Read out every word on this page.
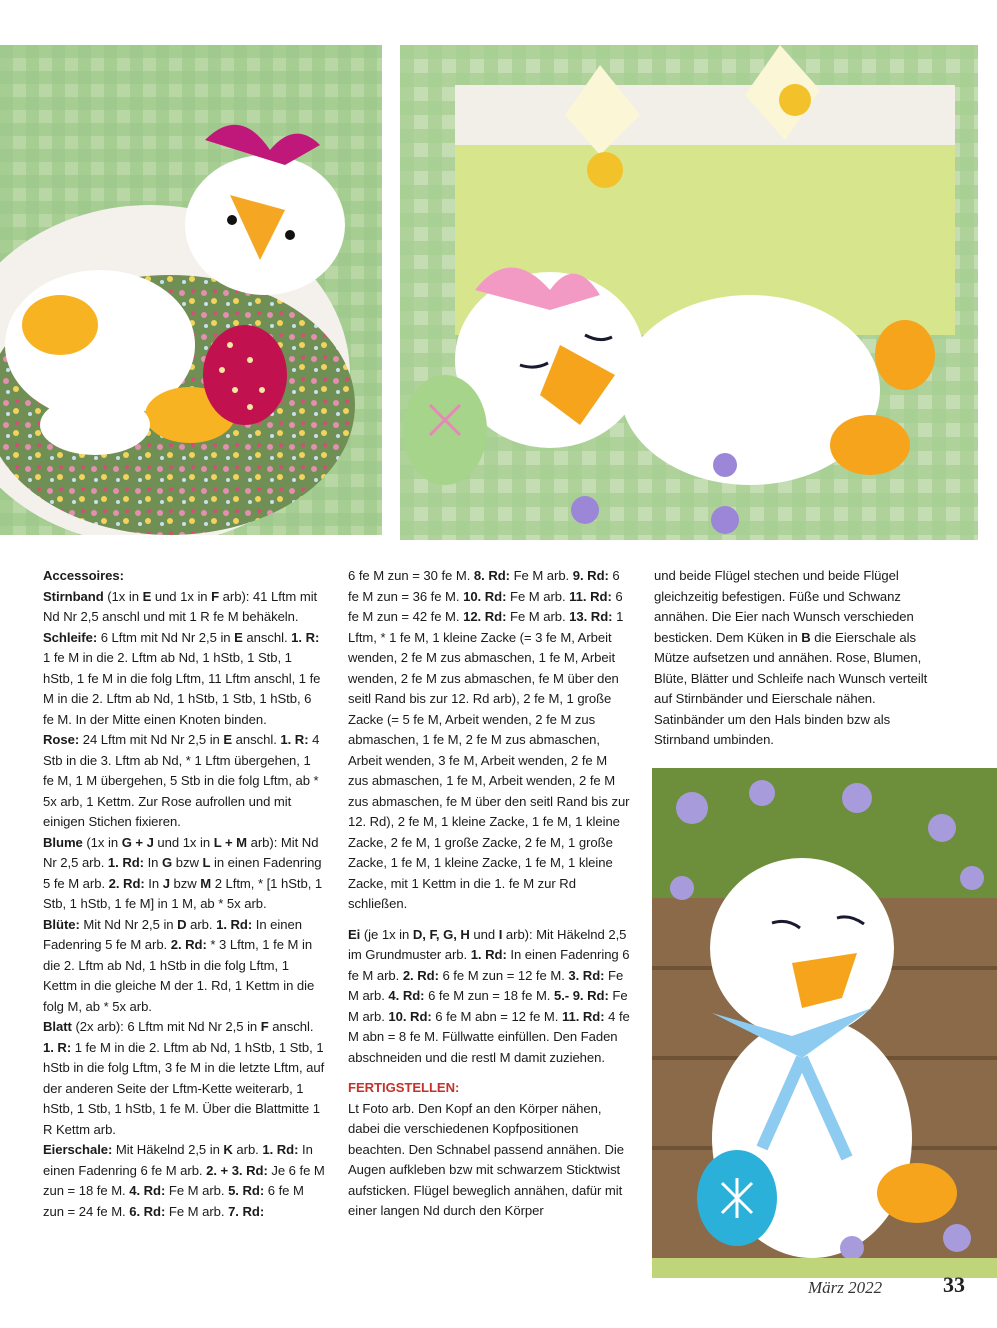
Accessoires:

Stirnband (1x in E und 1x in F arb): 41 Lftm mit Nd Nr 2,5 anschl und mit 1 R fe M behäkeln.

Schleife: 6 Lftm mit Nd Nr 2,5 in E anschl. 1. R: 1 fe M in die 2. Lftm ab Nd, 1 hStb, 1 Stb, 1 hStb, 1 fe M in die folg Lftm, 11 Lftm anschl, 1 fe M in die 2. Lftm ab Nd, 1 hStb, 1 Stb, 1 hStb, 6 fe M. In der Mitte einen Knoten binden.

Rose: 24 Lftm mit Nd Nr 2,5 in E anschl. 1. R: 4 Stb in die 3. Lftm ab Nd, * 1 Lftm übergehen, 1 fe M, 1 M übergehen, 5 Stb in die folg Lftm, ab * 5x arb, 1 Kettm. Zur Rose aufrollen und mit einigen Stichen fixieren.

Blume (1x in G + J und 1x in L + M arb): Mit Nd Nr 2,5 arb. 1. Rd: In G bzw L in einen Fadenring 5 fe M arb. 2. Rd: In J bzw M 2 Lftm, * [1 hStb, 1 Stb, 1 hStb, 1 fe M] in 1 M, ab * 5x arb.

Blüte: Mit Nd Nr 2,5 in D arb. 1. Rd: In einen Fadenring 5 fe M arb. 2. Rd: * 3 Lftm, 1 fe M in die 2. Lftm ab Nd, 1 hStb in die folg Lftm, 1 Kettm in die gleiche M der 1. Rd, 1 Kettm in die folg M, ab * 5x arb.

Blatt (2x arb): 6 Lftm mit Nd Nr 2,5 in F anschl. 1. R: 1 fe M in die 2. Lftm ab Nd, 1 hStb, 1 Stb, 1 hStb in die folg Lftm, 3 fe M in die letzte Lftm, auf der anderen Seite der Lftm-Kette weiterarb, 1 hStb, 1 Stb, 1 hStb, 1 fe M. Über die Blattmitte 1 R Kettm arb.

Eierschale: Mit Häkelnd 2,5 in K arb. 1. Rd: In einen Fadenring 6 fe M arb. 2. + 3. Rd: Je 6 fe M zun = 18 fe M. 4. Rd: Fe M arb. 5. Rd: 6 fe M zun = 24 fe M. 6. Rd: Fe M arb. 7. Rd:

6 fe M zun = 30 fe M. 8. Rd: Fe M arb. 9. Rd: 6 fe M zun = 36 fe M. 10. Rd: Fe M arb. 11. Rd: 6 fe M zun = 42 fe M. 12. Rd: Fe M arb. 13. Rd: 1 Lftm, * 1 fe M, 1 kleine Zacke (= 3 fe M, Arbeit wenden, 2 fe M zus abmaschen, 1 fe M, Arbeit wenden, 2 fe M zus abmaschen, fe M über den seitl Rand bis zur 12. Rd arb), 2 fe M, 1 große Zacke (= 5 fe M, Arbeit wenden, 2 fe M zus abmaschen, 1 fe M, 2 fe M zus abmaschen, Arbeit wenden, 3 fe M, Arbeit wenden, 2 fe M zus abmaschen, 1 fe M, Arbeit wenden, 2 fe M zus abmaschen, fe M über den seitl Rand bis zur 12. Rd), 2 fe M, 1 kleine Zacke, 1 fe M, 1 kleine Zacke, 2 fe M, 1 große Zacke, 2 fe M, 1 große Zacke, 1 fe M, 1 kleine Zacke, 1 fe M, 1 kleine Zacke, mit 1 Kettm in die 1. fe M zur Rd schließen.

Ei (je 1x in D, F, G, H und I arb): Mit Häkelnd 2,5 im Grundmuster arb. 1. Rd: In einen Fadenring 6 fe M arb. 2. Rd: 6 fe M zun = 12 fe M. 3. Rd: Fe M arb. 4. Rd: 6 fe M zun = 18 fe M. 5.- 9. Rd: Fe M arb. 10. Rd: 6 fe M abn = 12 fe M. 11. Rd: 4 fe M abn = 8 fe M. Füllwatte einfüllen. Den Faden abschneiden und die restl M damit zuziehen.

FERTIGSTELLEN:

Lt Foto arb. Den Kopf an den Körper nähen, dabei die verschiedenen Kopfpositionen beachten. Den Schnabel passend annähen. Die Augen aufkleben bzw mit schwarzem Sticktwist aufsticken. Flügel beweglich annähen, dafür mit einer langen Nd durch den Körper

und beide Flügel stechen und beide Flügel gleichzeitig befestigen. Füße und Schwanz annähen. Die Eier nach Wunsch verschieden besticken. Dem Küken in B die Eierschale als Mütze aufsetzen und annähen. Rose, Blumen, Blüte, Blätter und Schleife nach Wunsch verteilt auf Stirnbänder und Eierschale nähen. Satinbänder um den Hals binden bzw als Stirnband umbinden.

März 2022	33
